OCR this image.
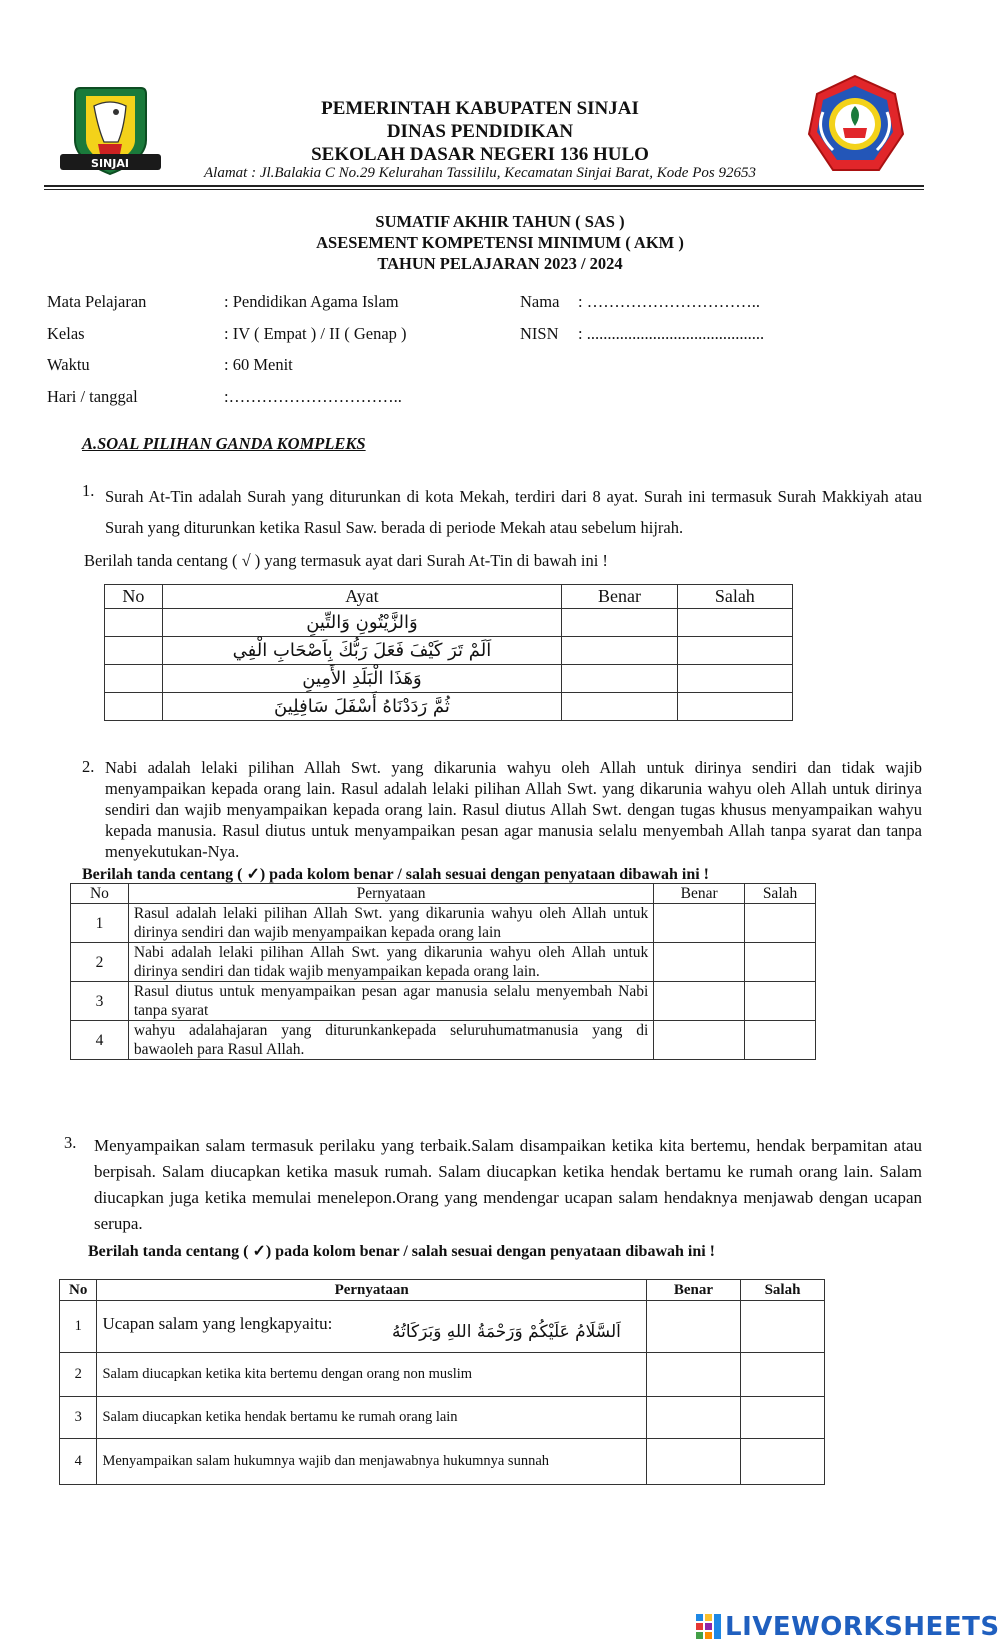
SINJAI
PEMERINTAH KABUPATEN SINJAI
DINAS PENDIDIKAN
SEKOLAH DASAR NEGERI 136 HULO
Alamat : Jl.Balakia C No.29 Kelurahan Tassililu, Kecamatan Sinjai Barat, Kode Pos 92653
SUMATIF AKHIR TAHUN ( SAS )
ASESEMENT KOMPETENSI MINIMUM ( AKM )
TAHUN PELAJARAN 2023 / 2024
Mata Pelajaran	: Pendidikan Agama Islam
Kelas	: IV ( Empat ) / II ( Genap )
Waktu	: 60 Menit
Hari / tanggal	:…………………………..
Nama : …………………………..
NISN : ...........................................
A.SOAL PILIHAN GANDA KOMPLEKS
1. Surah At-Tin adalah Surah yang diturunkan di kota Mekah, terdiri dari 8 ayat. Surah ini termasuk Surah Makkiyah atau Surah yang diturunkan ketika Rasul Saw. berada di periode Mekah atau sebelum hijrah.
Berilah tanda centang ( √ ) yang termasuk ayat dari Surah At-Tin di bawah ini !
No	Ayat	Benar	Salah
	وَالزَّيْتُونِ وَالتِّينِ		
	اَلَمْ تَرَ كَيْفَ فَعَلَ رَبُّكَ بِاَصْحَابِ الْفِي		
	وَهَذَا الْبَلَدِ الأَمِينِ		
	ثُمَّ رَدَدْنَاهُ أَسْفَلَ سَافِلِينَ		
2. Nabi adalah lelaki pilihan Allah Swt. yang dikarunia wahyu oleh Allah untuk dirinya sendiri dan tidak wajib menyampaikan kepada orang lain. Rasul adalah lelaki pilihan Allah Swt. yang dikarunia wahyu oleh Allah untuk dirinya sendiri dan wajib menyampaikan kepada orang lain. Rasul diutus Allah Swt. dengan tugas khusus menyampaikan wahyu kepada manusia. Rasul diutus untuk menyampaikan pesan agar manusia selalu menyembah Allah tanpa syarat dan tanpa menyekutukan-Nya.
Berilah tanda centang ( ✓) pada kolom benar / salah sesuai dengan penyataan dibawah ini !
No	Pernyataan	Benar	Salah
1	Rasul adalah lelaki pilihan Allah Swt. yang dikarunia wahyu oleh Allah untuk dirinya sendiri dan wajib menyampaikan kepada orang lain		
2	Nabi adalah lelaki pilihan Allah Swt. yang dikarunia wahyu oleh Allah untuk dirinya sendiri dan tidak wajib menyampaikan kepada orang lain.		
3	Rasul diutus untuk menyampaikan pesan agar manusia selalu menyembah Nabi tanpa syarat		
4	wahyu adalahajaran yang diturunkankepada seluruhumatmanusia yang di bawaoleh para Rasul Allah.		
3.	Menyampaikan salam termasuk perilaku yang terbaik.Salam disampaikan ketika kita bertemu, hendak berpamitan atau berpisah. Salam diucapkan ketika masuk rumah. Salam diucapkan ketika hendak bertamu ke rumah orang lain. Salam diucapkan juga ketika memulai menelepon.Orang yang mendengar ucapan salam hendaknya menjawab dengan ucapan serupa.
Berilah tanda centang ( ✓) pada kolom benar / salah sesuai dengan penyataan dibawah ini !
No	Pernyataan	Benar	Salah
1	Ucapan salam yang lengkapyaitu: اَلسَّلَامُ عَلَيْكُمْ وَرَحْمَةُ اللهِ وَبَرَكَاتُهُ		

2	Salam diucapkan ketika kita bertemu dengan orang non muslim		
3	Salam diucapkan ketika hendak bertamu ke rumah orang lain		
4	Menyampaikan salam hukumnya wajib dan menjawabnya hukumnya sunnah		
LIVEWORKSHEETS
